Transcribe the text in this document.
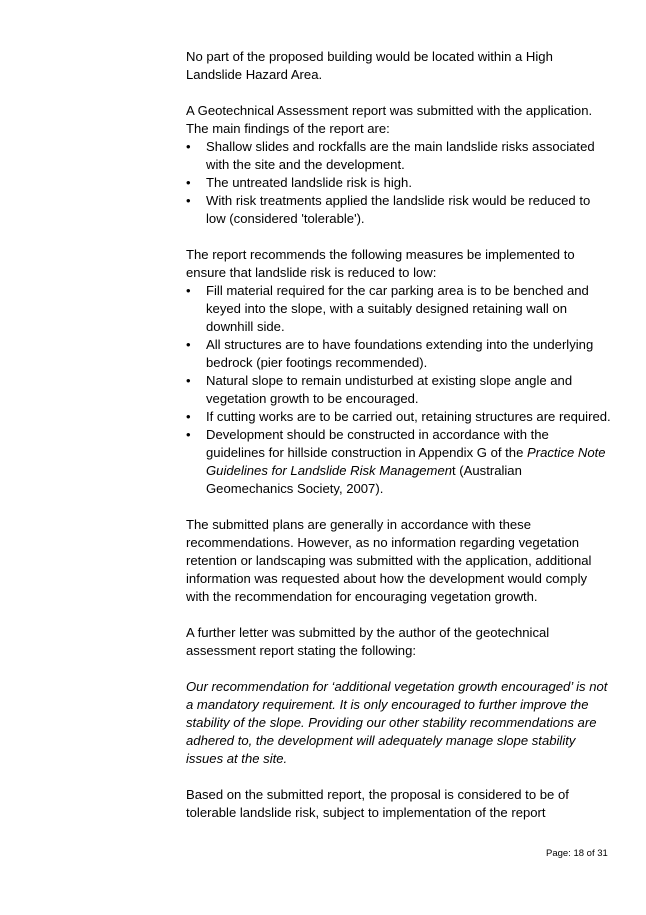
No part of the proposed building would be located within a High Landslide Hazard Area.

A Geotechnical Assessment report was submitted with the application. The main findings of the report are:

• Shallow slides and rockfalls are the main landslide risks associated with the site and the development.
• The untreated landslide risk is high.
• With risk treatments applied the landslide risk would be reduced to low (considered 'tolerable').

The report recommends the following measures be implemented to ensure that landslide risk is reduced to low:

• Fill material required for the car parking area is to be benched and keyed into the slope, with a suitably designed retaining wall on downhill side.
• All structures are to have foundations extending into the underlying bedrock (pier footings recommended).
• Natural slope to remain undisturbed at existing slope angle and vegetation growth to be encouraged.
• If cutting works are to be carried out, retaining structures are required.
• Development should be constructed in accordance with the guidelines for hillside construction in Appendix G of the Practice Note Guidelines for Landslide Risk Management (Australian Geomechanics Society, 2007).

The submitted plans are generally in accordance with these recommendations. However, as no information regarding vegetation retention or landscaping was submitted with the application, additional information was requested about how the development would comply with the recommendation for encouraging vegetation growth.

A further letter was submitted by the author of the geotechnical assessment report stating the following:

Our recommendation for ‘additional vegetation growth encouraged’ is not a mandatory requirement. It is only encouraged to further improve the stability of the slope. Providing our other stability recommendations are adhered to, the development will adequately manage slope stability issues at the site.

Based on the submitted report, the proposal is considered to be of tolerable landslide risk, subject to implementation of the report

Page: 18 of 31
